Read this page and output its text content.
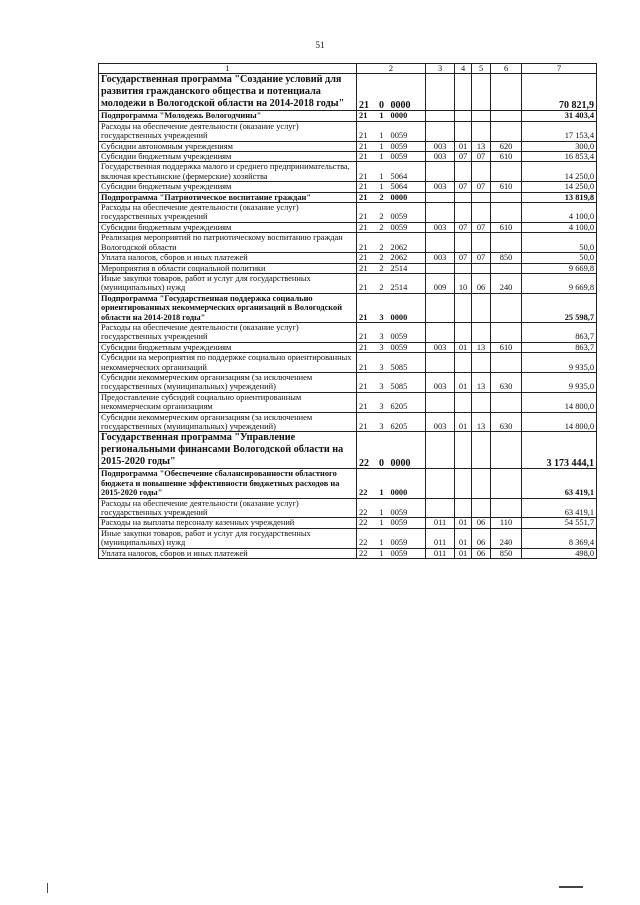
51
1	2			3	4	5	6	7
Государственная программа "Создание условий для развития гражданского общества и потенциала молодежи в Вологодской области на 2014-2018 годы"	21	0	0000					70 821,9
Подпрограмма "Молодежь Вологодчины"	21	1	0000					31 403,4
Расходы на обеспечение деятельности (оказание услуг) государственных учреждений	21	1	0059					17 153,4
Субсидии автономным учреждениям	21	1	0059	003	01	13	620	300,0
Субсидии бюджетным учреждениям	21	1	0059	003	07	07	610	16 853,4
Государственная поддержка малого и среднего предпринимательства, включая крестьянские (фермерские) хозяйства	21	1	5064					14 250,0
Субсидии бюджетным учреждениям	21	1	5064	003	07	07	610	14 250,0
Подпрограмма "Патриотическое воспитание граждан"	21	2	0000					13 819,8
Расходы на обеспечение деятельности (оказание услуг) государственных учреждений	21	2	0059					4 100,0
Субсидии бюджетным учреждениям	21	2	0059	003	07	07	610	4 100,0
Реализация мероприятий по патриотическому воспитанию граждан Вологодской области	21	2	2062					50,0
Уплата налогов, сборов и иных платежей	21	2	2062	003	07	07	850	50,0
Мероприятия в области социальной политики	21	2	2514					9 669,8
Иные закупки товаров, работ и услуг для государственных (муниципальных) нужд	21	2	2514	009	10	06	240	9 669,8
Подпрограмма "Государственная поддержка социально ориентированных некоммерческих организаций в Вологодской области на 2014-2018 годы"	21	3	0000					25 598,7
Расходы на обеспечение деятельности (оказание услуг) государственных учреждений	21	3	0059					863,7
Субсидии бюджетным учреждениям	21	3	0059	003	01	13	610	863,7
Субсидии на мероприятия по поддержке социально ориентированных некоммерческих организаций	21	3	5085					9 935,0
Субсидии некоммерческим организациям (за исключением государственных (муниципальных) учреждений)	21	3	5085	003	01	13	630	9 935,0
Предоставление субсидий социально ориентированным некоммерческим организациям	21	3	6205					14 800,0
Субсидии некоммерческим организациям (за исключением государственных (муниципальных) учреждений)	21	3	6205	003	01	13	630	14 800,0
Государственная программа "Управление региональными финансами Вологодской области на 2015-2020 годы"	22	0	0000					3 173 444,1
Подпрограмма "Обеспечение сбалансированности областного бюджета и повышение эффективности бюджетных расходов на 2015-2020 годы"	22	1	0000					63 419,1
Расходы на обеспечение деятельности (оказание услуг) государственных учреждений	22	1	0059					63 419,1
Расходы на выплаты персоналу казенных учреждений	22	1	0059	011	01	06	110	54 551,7
Иные закупки товаров, работ и услуг для государственных (муниципальных) нужд	22	1	0059	011	01	06	240	8 369,4
Уплата налогов, сборов и иных платежей	22	1	0059	011	01	06	850	498,0
